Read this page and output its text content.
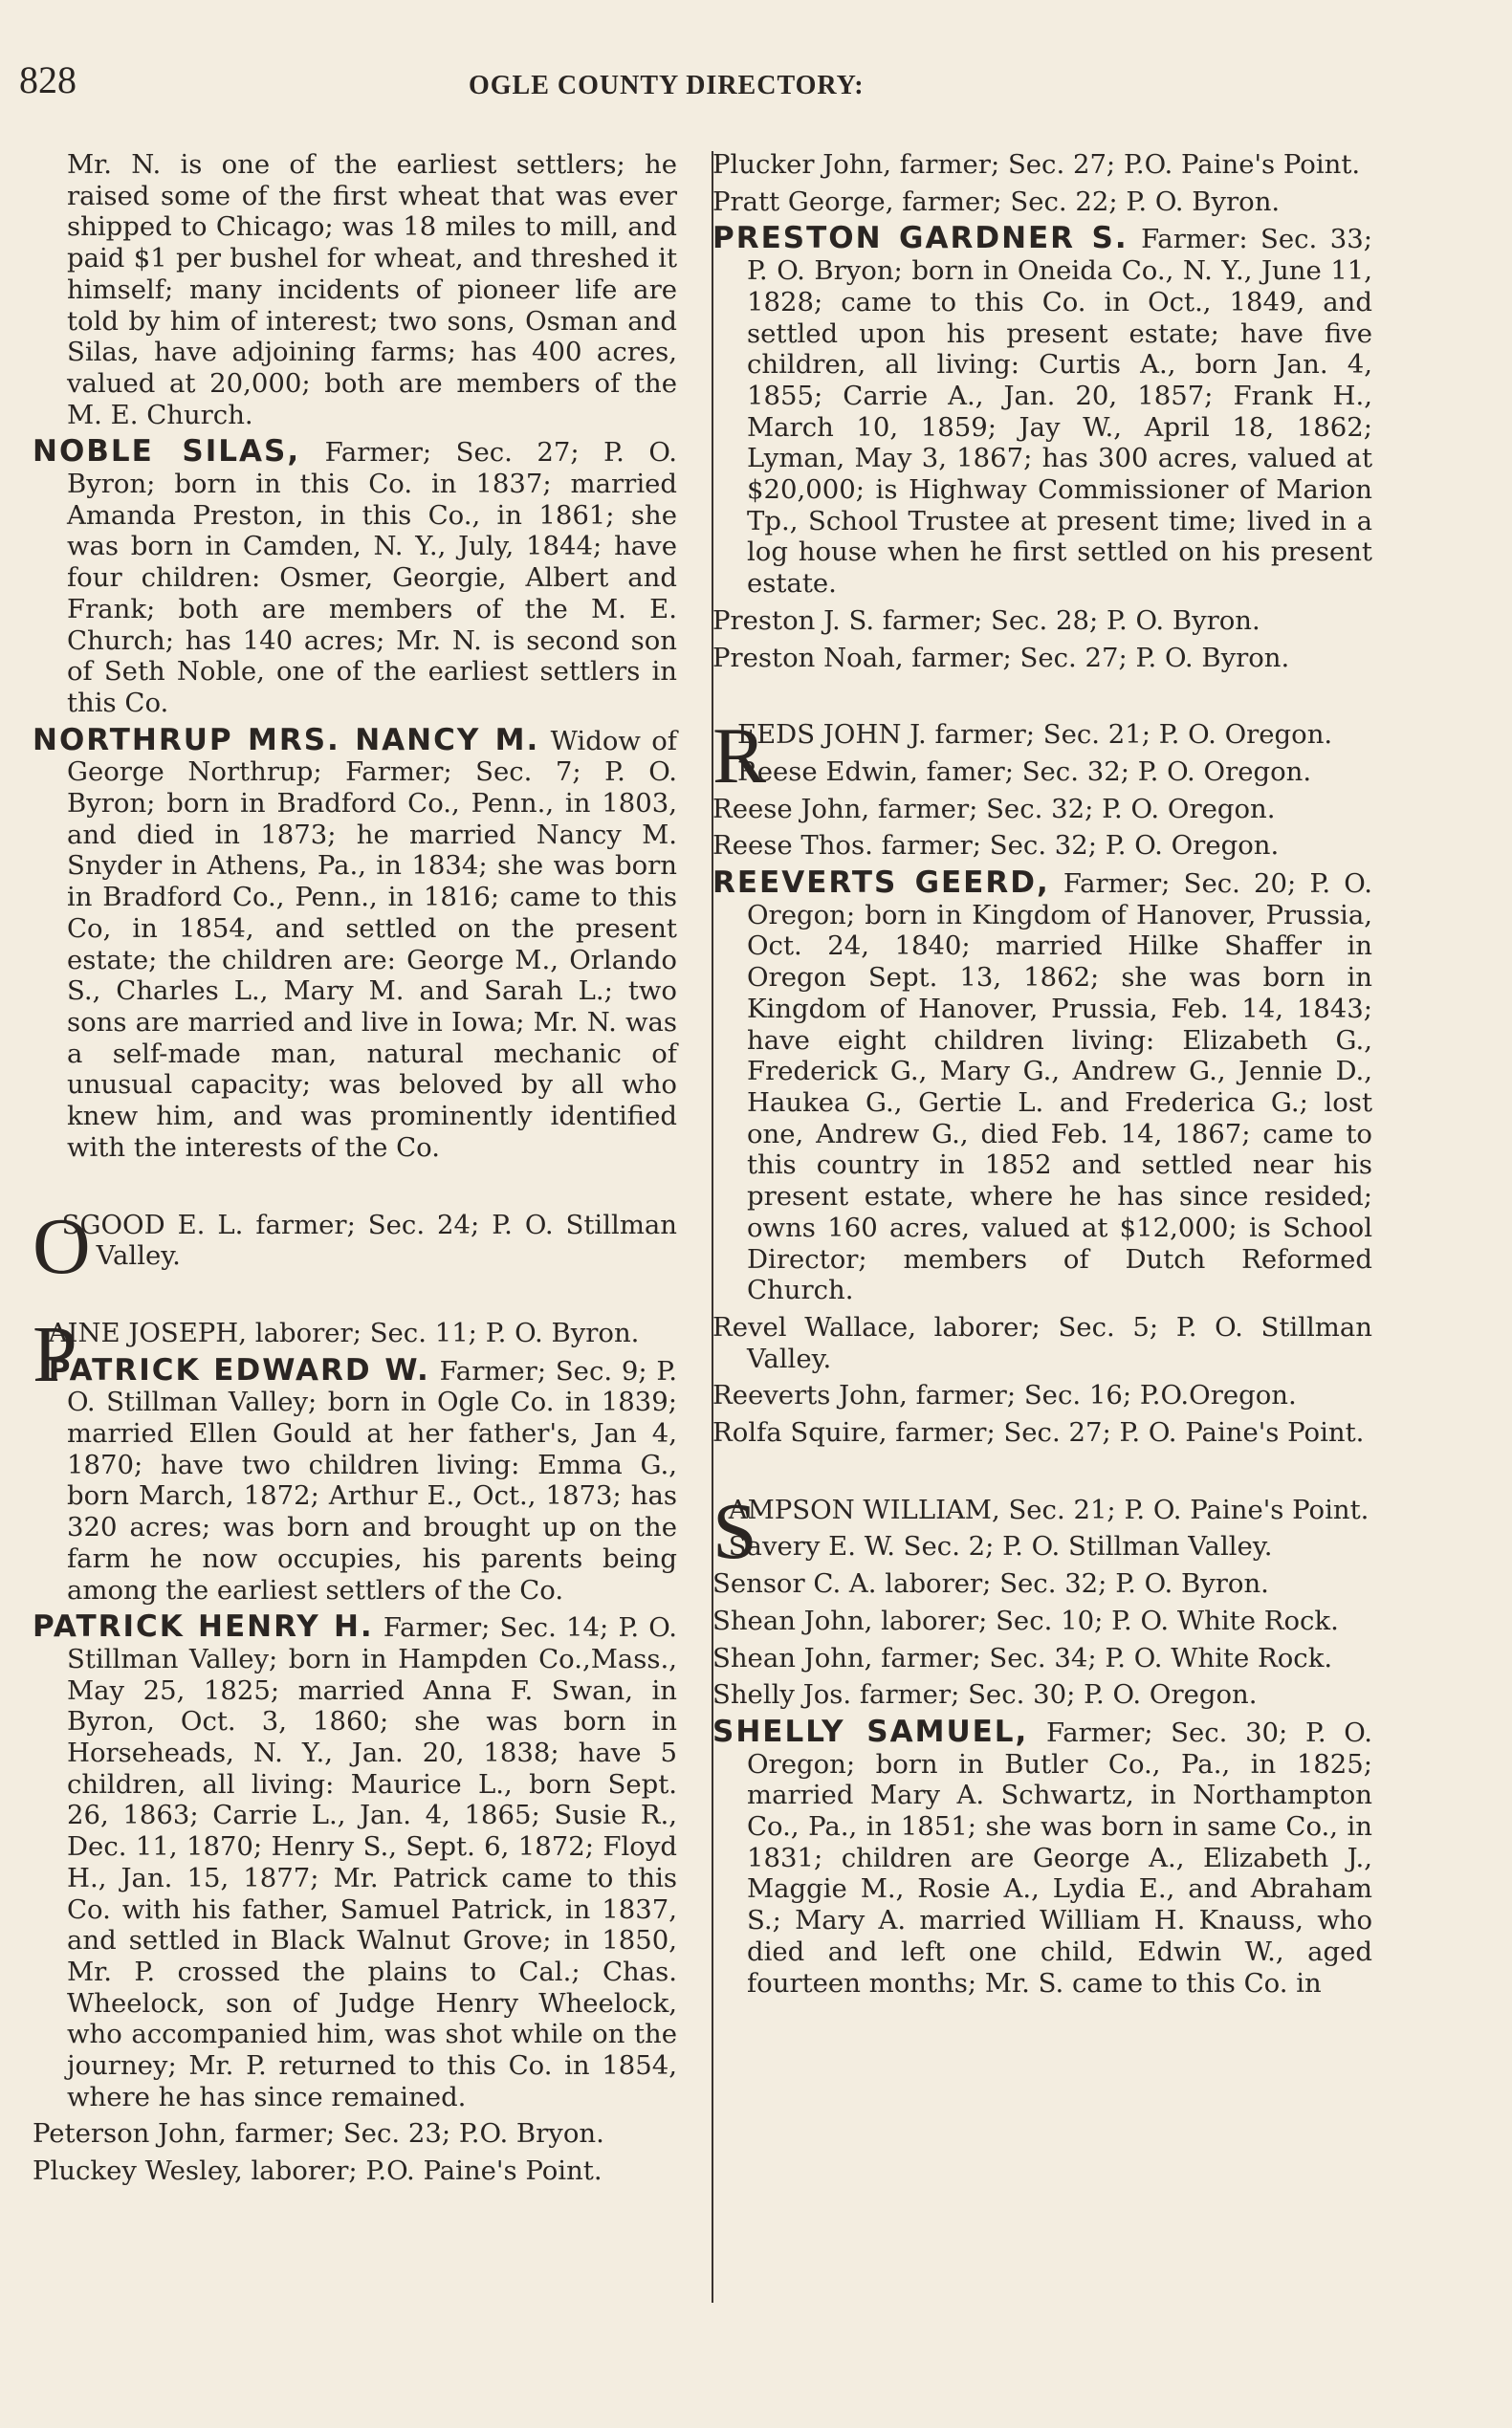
828	OGLE COUNTY DIRECTORY:

Mr. N. is one of the earliest settlers; he raised some of the first wheat that was ever shipped to Chicago; was 18 miles to mill, and paid $1 per bushel for wheat, and threshed it himself; many incidents of pioneer life are told by him of interest; two sons, Osman and Silas, have adjoining farms; has 400 acres, valued at 20,000; both are members of the M. E. Church.

NOBLE SILAS, Farmer; Sec. 27; P. O. Byron; born in this Co. in 1837; married Amanda Preston, in this Co., in 1861; she was born in Camden, N. Y., July, 1844; have four children: Osmer, Georgie, Albert and Frank; both are members of the M. E. Church; has 140 acres; Mr. N. is second son of Seth Noble, one of the earliest settlers in this Co.

NORTHRUP MRS. NANCY M. Widow of George Northrup; Farmer; Sec. 7; P. O. Byron; born in Bradford Co., Penn., in 1803, and died in 1873; he married Nancy M. Snyder in Athens, Pa., in 1834; she was born in Bradford Co., Penn., in 1816; came to this Co, in 1854, and settled on the present estate; the children are: George M., Orlando S., Charles L., Mary M. and Sarah L.; two sons are married and live in Iowa; Mr. N. was a self-made man, natural mechanic of unusual capacity; was beloved by all who knew him, and was prominently identified with the interests of the Co.

O
SGOOD E. L. farmer; Sec. 24; P. O. Stillman Valley.

P
AINE JOSEPH, laborer; Sec. 11; P. O. Byron.

PATRICK EDWARD W. Farmer; Sec. 9; P. O. Stillman Valley; born in Ogle Co. in 1839; married Ellen Gould at her father's, Jan 4, 1870; have two children living: Emma G., born March, 1872; Arthur E., Oct., 1873; has 320 acres; was born and brought up on the farm he now occupies, his parents being among the earliest settlers of the Co.

PATRICK HENRY H. Farmer; Sec. 14; P. O. Stillman Valley; born in Hampden Co.,Mass., May 25, 1825; married Anna F. Swan, in Byron, Oct. 3, 1860; she was born in Horseheads, N. Y., Jan. 20, 1838; have 5 children, all living: Maurice L., born Sept. 26, 1863; Carrie L., Jan. 4, 1865; Susie R., Dec. 11, 1870; Henry S., Sept. 6, 1872; Floyd H., Jan. 15, 1877; Mr. Patrick came to this Co. with his father, Samuel Patrick, in 1837, and settled in Black Walnut Grove; in 1850, Mr. P. crossed the plains to Cal.; Chas. Wheelock, son of Judge Henry Wheelock, who accompanied him, was shot while on the journey; Mr. P. returned to this Co. in 1854, where he has since remained.

Peterson John, farmer; Sec. 23; P.O. Bryon.

Pluckey Wesley, laborer; P.O. Paine's Point.

Plucker John, farmer; Sec. 27; P.O. Paine's Point.

Pratt George, farmer; Sec. 22; P. O. Byron.

PRESTON GARDNER S. Farmer: Sec. 33; P. O. Bryon; born in Oneida Co., N. Y., June 11, 1828; came to this Co. in Oct., 1849, and settled upon his present estate; have five children, all living: Curtis A., born Jan. 4, 1855; Carrie A., Jan. 20, 1857; Frank H., March 10, 1859; Jay W., April 18, 1862; Lyman, May 3, 1867; has 300 acres, valued at $20,000; is Highway Commissioner of Marion Tp., School Trustee at present time; lived in a log house when he first settled on his present estate.

Preston J. S. farmer; Sec. 28; P. O. Byron.

Preston Noah, farmer; Sec. 27; P. O. Byron.

R
EEDS JOHN J. farmer; Sec. 21; P. O. Oregon.

Reese Edwin, famer; Sec. 32; P. O. Oregon.

Reese John, farmer; Sec. 32; P. O. Oregon.

Reese Thos. farmer; Sec. 32; P. O. Oregon.

REEVERTS GEERD, Farmer; Sec. 20; P. O. Oregon; born in Kingdom of Hanover, Prussia, Oct. 24, 1840; married Hilke Shaffer in Oregon Sept. 13, 1862; she was born in Kingdom of Hanover, Prussia, Feb. 14, 1843; have eight children living: Elizabeth G., Frederick G., Mary G., Andrew G., Jennie D., Haukea G., Gertie L. and Frederica G.; lost one, Andrew G., died Feb. 14, 1867; came to this country in 1852 and settled near his present estate, where he has since resided; owns 160 acres, valued at $12,000; is School Director; members of Dutch Reformed Church.

Revel Wallace, laborer; Sec. 5; P. O. Stillman Valley.

Reeverts John, farmer; Sec. 16; P.O.Oregon.

Rolfa Squire, farmer; Sec. 27; P. O. Paine's Point.

S
AMPSON WILLIAM, Sec. 21; P. O. Paine's Point.

Savery E. W. Sec. 2; P. O. Stillman Valley.

Sensor C. A. laborer; Sec. 32; P. O. Byron.

Shean John, laborer; Sec. 10; P. O. White Rock.

Shean John, farmer; Sec. 34; P. O. White Rock.

Shelly Jos. farmer; Sec. 30; P. O. Oregon.

SHELLY SAMUEL, Farmer; Sec. 30; P. O. Oregon; born in Butler Co., Pa., in 1825; married Mary A. Schwartz, in Northampton Co., Pa., in 1851; she was born in same Co., in 1831; children are George A., Elizabeth J., Maggie M., Rosie A., Lydia E., and Abraham S.; Mary A. married William H. Knauss, who died and left one child, Edwin W., aged fourteen months; Mr. S. came to this Co. in
